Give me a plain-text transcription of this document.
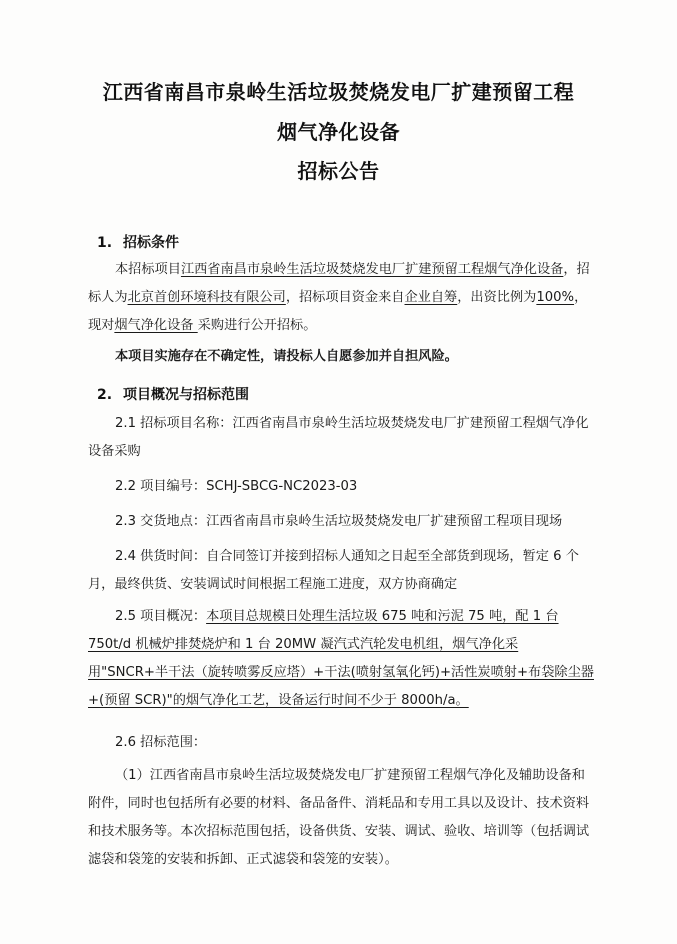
江西省南昌市泉岭生活垃圾焚烧发电厂扩建预留工程
烟气净化设备
招标公告
1. 招标条件
本招标项目江西省南昌市泉岭生活垃圾焚烧发电厂扩建预留工程烟气净化设备，招标人为北京首创环境科技有限公司，招标项目资金来自企业自筹，出资比例为100%，现对烟气净化设备 采购进行公开招标。
本项目实施存在不确定性，请投标人自愿参加并自担风险。
2. 项目概况与招标范围
2.1 招标项目名称：江西省南昌市泉岭生活垃圾焚烧发电厂扩建预留工程烟气净化设备采购
2.2 项目编号：SCHJ-SBCG-NC2023-03
2.3 交货地点：江西省南昌市泉岭生活垃圾焚烧发电厂扩建预留工程项目现场
2.4 供货时间：自合同签订并接到招标人通知之日起至全部货到现场，暂定 6 个月，最终供货、安装调试时间根据工程施工进度，双方协商确定
2.5 项目概况：本项目总规模日处理生活垃圾 675 吨和污泥 75 吨，配 1 台 750t/d 机械炉排焚烧炉和 1 台 20MW 凝汽式汽轮发电机组，烟气净化采用"SNCR+半干法（旋转喷雾反应塔）+干法(喷射氢氧化钙)+活性炭喷射+布袋除尘器+(预留 SCR)"的烟气净化工艺，设备运行时间不少于 8000h/a。
2.6 招标范围：
（1）江西省南昌市泉岭生活垃圾焚烧发电厂扩建预留工程烟气净化及辅助设备和附件，同时也包括所有必要的材料、备品备件、消耗品和专用工具以及设计、技术资料和技术服务等。本次招标范围包括，设备供货、安装、调试、验收、培训等（包括调试滤袋和袋笼的安装和拆卸、正式滤袋和袋笼的安装）。
